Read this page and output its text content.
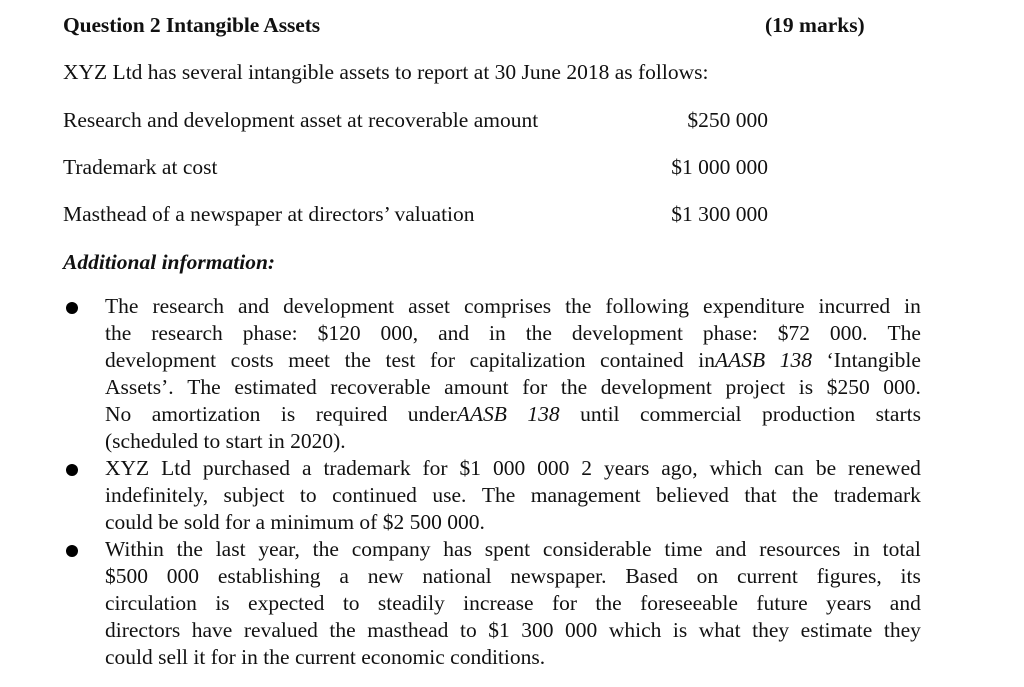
Question 2 Intangible Assets	(19 marks)
XYZ Ltd has several intangible assets to report at 30 June 2018 as follows:
Research and development asset at recoverable amount	$250 000
Trademark at cost	$1 000 000
Masthead of a newspaper at directors’ valuation	$1 300 000
Additional information:
The research and development asset comprises the following expenditure incurred in
the research phase: $120 000, and in the development phase: $72 000. The
development costs meet the test for capitalization contained inAASB 138 ‘Intangible
Assets’. The estimated recoverable amount for the development project is $250 000.
No amortization is required underAASB 138 until commercial production starts
(scheduled to start in 2020).
XYZ Ltd purchased a trademark for $1 000 000 2 years ago, which can be renewed
indefinitely, subject to continued use. The management believed that the trademark
could be sold for a minimum of $2 500 000.
Within the last year, the company has spent considerable time and resources in total
$500 000 establishing a new national newspaper. Based on current figures, its
circulation is expected to steadily increase for the foreseeable future years and
directors have revalued the masthead to $1 300 000 which is what they estimate they
could sell it for in the current economic conditions.
